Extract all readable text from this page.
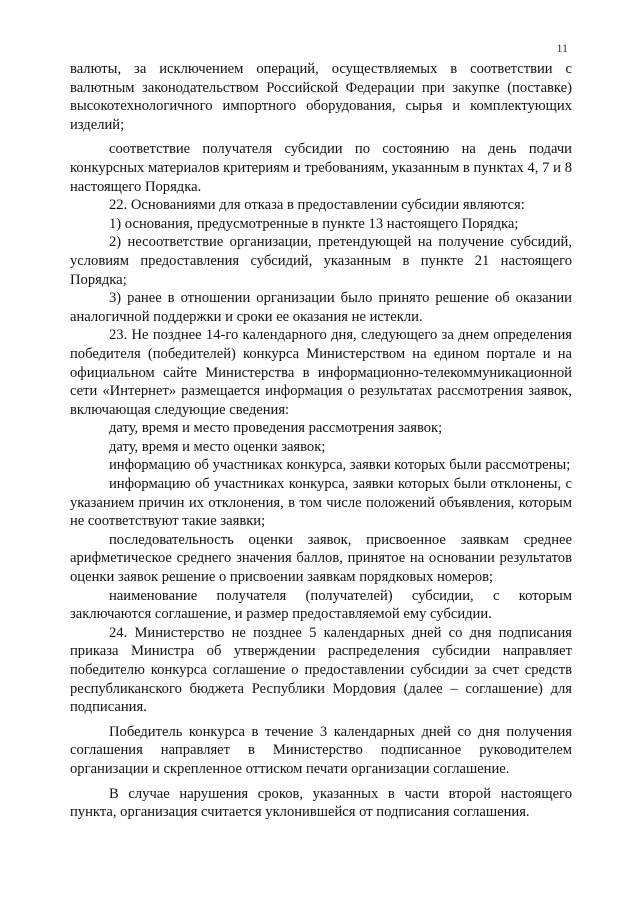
11

валюты, за исключением операций, осуществляемых в соответствии с валютным законодательством Российской Федерации при закупке (поставке) высокотехнологичного импортного оборудования, сырья и комплектующих изделий;

соответствие получателя субсидии по состоянию на день подачи конкурсных материалов критериям и требованиям, указанным в пунктах 4, 7 и 8 настоящего Порядка.

22. Основаниями для отказа в предоставлении субсидии являются:

1) основания, предусмотренные в пункте 13 настоящего Порядка;

2) несоответствие организации, претендующей на получение субсидий, условиям предоставления субсидий, указанным в пункте 21 настоящего Порядка;

3) ранее в отношении организации было принято решение об оказании аналогичной поддержки и сроки ее оказания не истекли.

23. Не позднее 14-го календарного дня, следующего за днем определения победителя (победителей) конкурса Министерством на едином портале и на официальном сайте Министерства в информационно-телекоммуникационной сети «Интернет» размещается информация о результатах рассмотрения заявок, включающая следующие сведения:

дату, время и место проведения рассмотрения заявок;

дату, время и место оценки заявок;

информацию об участниках конкурса, заявки которых были рассмотрены;

информацию об участниках конкурса, заявки которых были отклонены, с указанием причин их отклонения, в том числе положений объявления, которым не соответствуют такие заявки;

последовательность оценки заявок, присвоенное заявкам среднее арифметическое среднего значения баллов, принятое на основании результатов оценки заявок решение о присвоении заявкам порядковых номеров;

наименование получателя (получателей) субсидии, с которым заключаются соглашение, и размер предоставляемой ему субсидии.

24. Министерство не позднее 5 календарных дней со дня подписания приказа Министра об утверждении распределения субсидии направляет победителю конкурса соглашение о предоставлении субсидии за счет средств республиканского бюджета Республики Мордовия (далее – соглашение) для подписания.

Победитель конкурса в течение 3 календарных дней со дня получения соглашения направляет в Министерство подписанное руководителем организации и скрепленное оттиском печати организации соглашение.

В случае нарушения сроков, указанных в части второй настоящего пункта, организация считается уклонившейся от подписания соглашения.
